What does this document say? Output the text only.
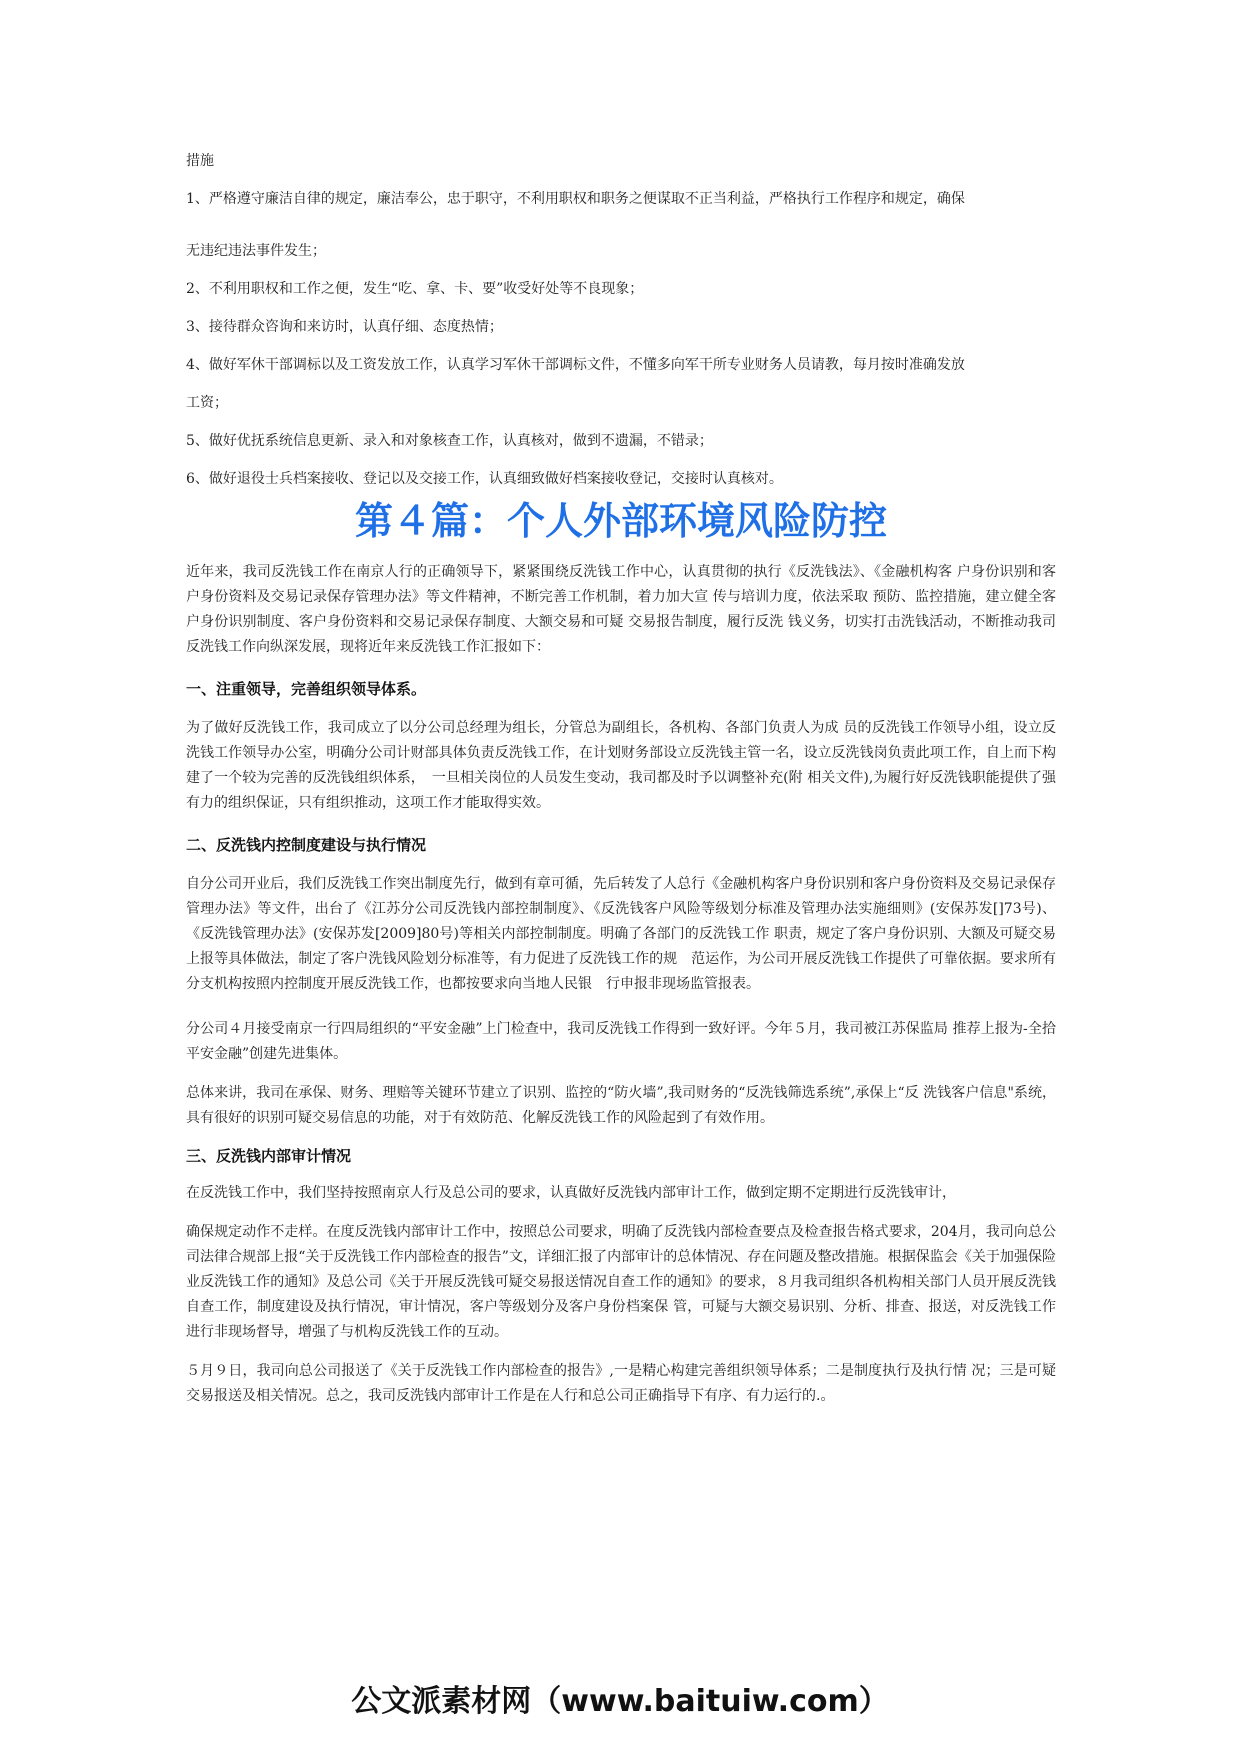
措施

1、严格遵守廉洁自律的规定，廉洁奉公，忠于职守，不利用职权和职务之便谋取不正当利益，严格执行工作程序和规定，确保

无违纪违法事件发生；

2、不利用职权和工作之便，发生“吃、拿、卡、要”收受好处等不良现象；

3、接待群众咨询和来访时，认真仔细、态度热情；

4、做好军休干部调标以及工资发放工作，认真学习军休干部调标文件，不懂多向军干所专业财务人员请教，每月按时准确发放

工资；

5、做好优抚系统信息更新、录入和对象核查工作，认真核对，做到不遗漏，不错录；

6、做好退役士兵档案接收、登记以及交接工作，认真细致做好档案接收登记，交接时认真核对。

第４篇：个人外部环境风险防控

近年来，我司反洗钱工作在南京人行的正确领导下，紧紧围绕反洗钱工作中心，认真贯彻的执行《反洗钱法》、《金融机构客 户身份识别和客户身份资料及交易记录保存管理办法》等文件精神，不断完善工作机制，着力加大宣 传与培训力度，依法采取 预防、监控措施，建立健全客户身份识别制度、客户身份资料和交易记录保存制度、大额交易和可疑 交易报告制度，履行反洗 钱义务，切实打击洗钱活动，不断推动我司反洗钱工作向纵深发展，现将近年来反洗钱工作汇报如下：

一、注重领导，完善组织领导体系。

为了做好反洗钱工作，我司成立了以分公司总经理为组长，分管总为副组长，各机构、各部门负责人为成 员的反洗钱工作领导小组，设立反洗钱工作领导办公室，明确分公司计财部具体负责反洗钱工作，在计划财务部设立反洗钱主管一名，设立反洗钱岗负责此项工作，自上而下构建了一个较为完善的反洗钱组织体系，　一旦相关岗位的人员发生变动，我司都及时予以调整补充(附 相关文件),为履行好反洗钱职能提供了强有力的组织保证，只有组织推动，这项工作才能取得实效。

二、反洗钱内控制度建设与执行情况

自分公司开业后，我们反洗钱工作突出制度先行，做到有章可循，先后转发了人总行《金融机构客户身份识别和客户身份资料及交易记录保存管理办法》等文件，出台了《江苏分公司反洗钱内部控制制度》、《反洗钱客户风险等级划分标准及管理办法实施细则》(安保苏发[]73号)、《反洗钱管理办法》(安保苏发[2009]80号)等相关内部控制制度。明确了各部门的反洗钱工作 职责，规定了客户身份识别、大额及可疑交易上报等具体做法，制定了客户洗钱风险划分标准等，有力促进了反洗钱工作的规　范运作，为公司开展反洗钱工作提供了可靠依据。要求所有分支机构按照内控制度开展反洗钱工作，也都按要求向当地人民银　行申报非现场监管报表。

分公司４月接受南京一行四局组织的“平安金融”上门检查中，我司反洗钱工作得到一致好评。今年５月，我司被江苏保监局 推荐上报为-全拾平安金融”创建先进集体。

总体来讲，我司在承保、财务、理赔等关键环节建立了识别、监控的“防火墙”,我司财务的“反洗钱筛选系统”,承保上“反 洗钱客户信息"系统，具有很好的识别可疑交易信息的功能，对于有效防范、化解反洗钱工作的风险起到了有效作用。

三、反洗钱内部审计情况

在反洗钱工作中，我们坚持按照南京人行及总公司的要求，认真做好反洗钱内部审计工作，做到定期不定期进行反洗钱审计，

确保规定动作不走样。在度反洗钱内部审计工作中，按照总公司要求，明确了反洗钱内部检查要点及检查报告格式要求，204月，我司向总公司法律合规部上报“关于反洗钱工作内部检查的报告”文，详细汇报了内部审计的总体情况、存在问题及整改措施。根据保监会《关于加强保险业反洗钱工作的通知》及总公司《关于开展反洗钱可疑交易报送情况自查工作的通知》的要求，８月我司组织各机构相关部门人员开展反洗钱自查工作，制度建设及执行情况，审计情况，客户等级划分及客户身份档案保 管，可疑与大额交易识别、分析、排查、报送，对反洗钱工作进行非现场督导，增强了与机构反洗钱工作的互动。

５月９日，我司向总公司报送了《关于反洗钱工作内部检查的报告》,一是精心构建完善组织领导体系；二是制度执行及执行情 况；三是可疑交易报送及相关情况。总之，我司反洗钱内部审计工作是在人行和总公司正确指导下有序、有力运行的.。

公文派素材网（www.baituiw.com）
